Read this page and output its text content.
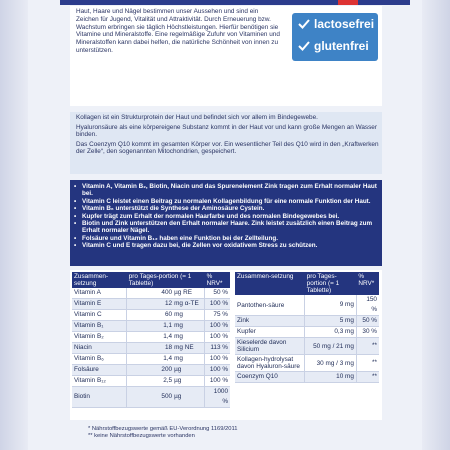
Haut, Haare und Nägel bestimmen unser Aussehen und sind ein Zeichen für Jugend, Vitalität und Attraktivität. Durch Erneuerung bzw. Wachstum erbringen sie täglich Höchstleistungen. Hierfür benötigen sie Vitamine und Mineralstoffe. Eine regelmäßige Zufuhr von Vitaminen und Mineralstoffen kann dabei helfen, die natürliche Schönheit von innen zu unterstützen.

lactosefrei
glutenfrei

Kollagen ist ein Strukturprotein der Haut und befindet sich vor allem im Bindegewebe.

Hyaluronsäure als eine körpereigene Substanz kommt in der Haut vor und kann große Mengen an Wasser binden.

Das Coenzym Q10 kommt im gesamten Körper vor. Ein wesentlicher Teil des Q10 wird in den „Kraftwerken der Zelle“, den sogenannten Mitochondrien, gespeichert.

• Vitamin A, Vitamin B₂, Biotin, Niacin und das Spurenelement Zink tragen zum Erhalt normaler Haut bei.
• Vitamin C leistet einen Beitrag zu normalen Kollagenbildung für eine normale Funktion der Haut.
• Vitamin B₆ unterstützt die Synthese der Aminosäure Cystein.
• Kupfer trägt zum Erhalt der normalen Haarfarbe und des normalen Bindegewebes bei.
• Biotin und Zink unterstützen den Erhalt normaler Haare. Zink leistet zusätzlich einen Beitrag zum Erhalt normaler Nägel.
• Folsäure und Vitamin B₁₂ haben eine Funktion bei der Zellteilung.
• Vitamin C und E tragen dazu bei, die Zellen vor oxidativem Stress zu schützen.
Zusammen-setzung	pro Tages-portion (= 1 Tablette)	% NRV*
Vitamin A	400 µg RE	50 %
Vitamin E	12 mg α-TE	100 %
Vitamin C	60 mg	75 %
Vitamin B₁	1,1 mg	100 %
Vitamin B₂	1,4 mg	100 %
Niacin	18 mg NE	113 %
Vitamin B₆	1,4 mg	100 %
Folsäure	200 µg	100 %
Vitamin B₁₂	2,5 µg	100 %
Biotin	500 µg	1000 %
Zusammen-setzung	pro Tages-portion (= 1 Tablette)	% NRV*
Pantothen-säure	9 mg	150 %
Zink	5 mg	50 %
Kupfer	0,3 mg	30 %
Kieselerde davon Silicium	50 mg / 21 mg	**
Kollagen-hydrolysat davon Hyaluron-säure	30 mg / 3 mg	**
Coenzym Q10	10 mg	**
* Nährstoffbezugswerte gemäß EU-Verordnung 1169/2011
** keine Nährstoffbezugswerte vorhanden
